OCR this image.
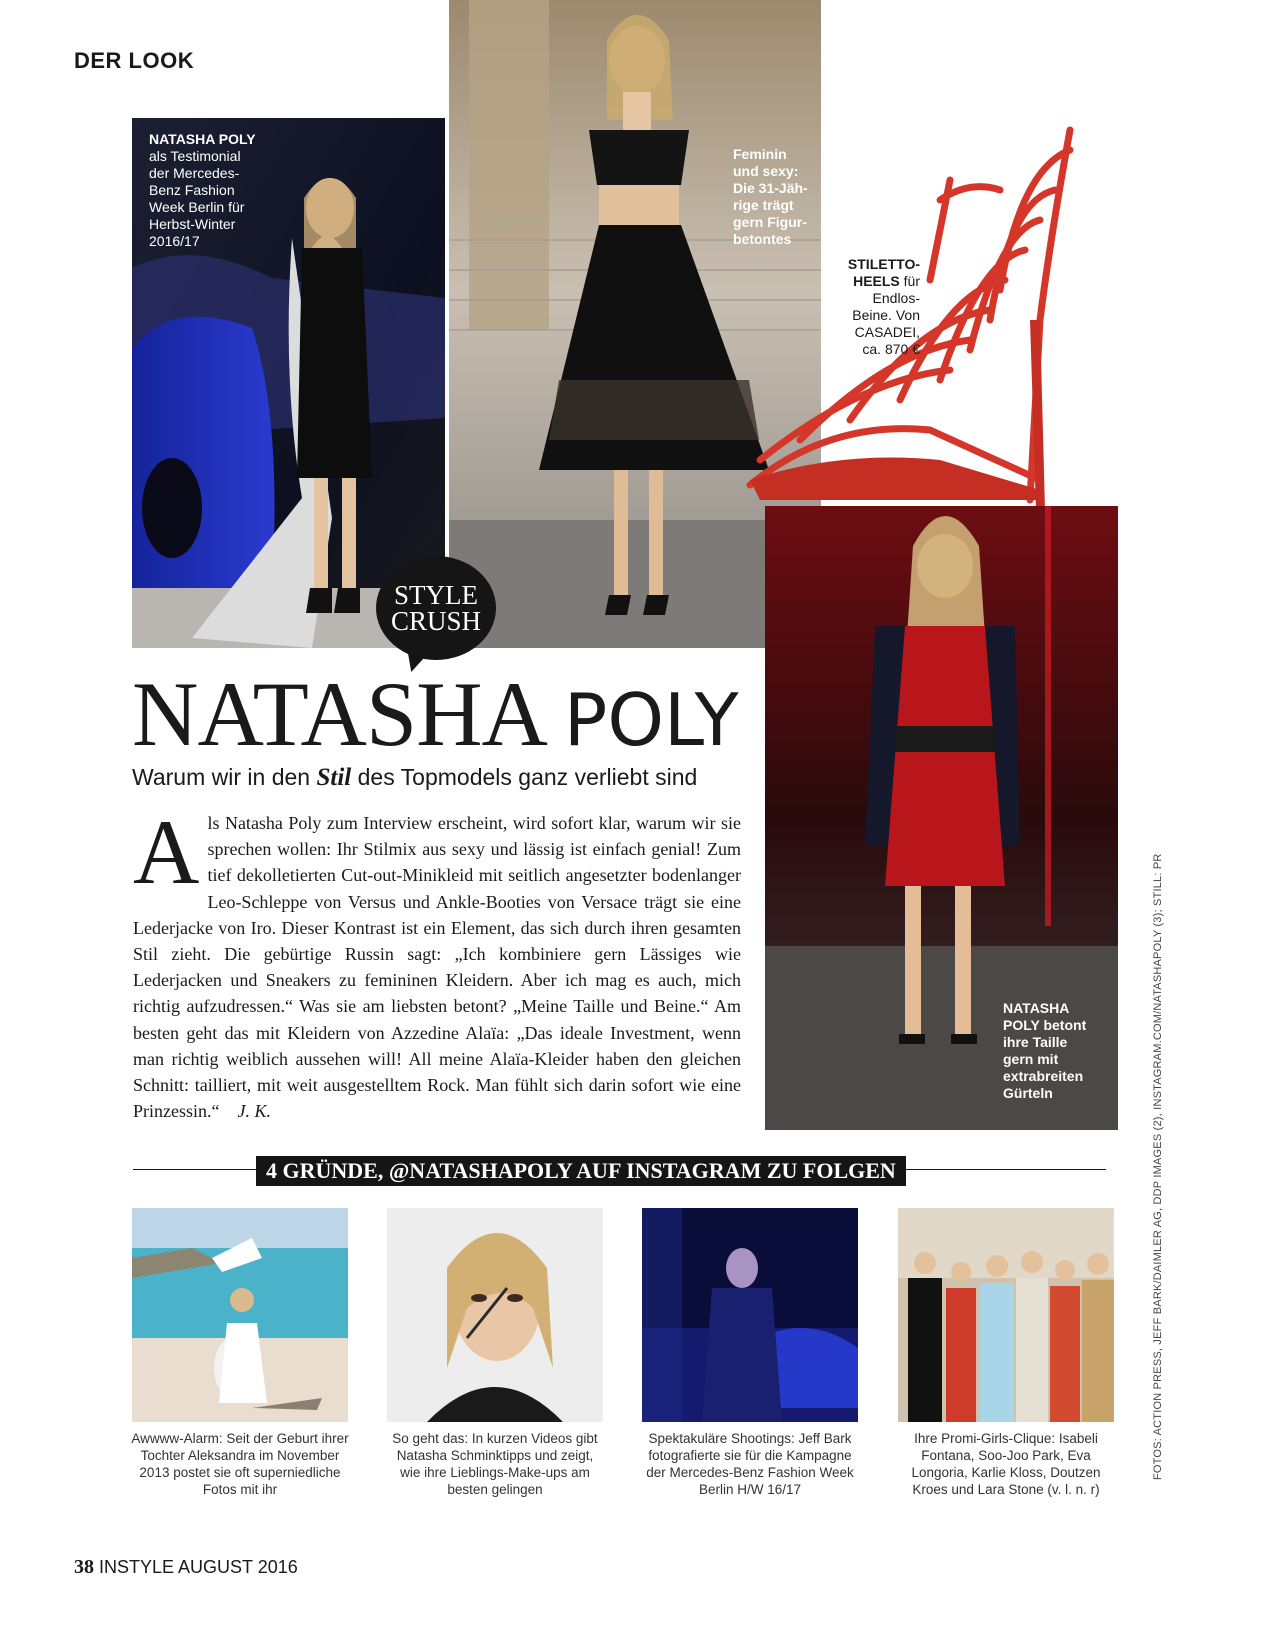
DER LOOK
NATASHA POLY
als Testimonial
der Mercedes-
Benz Fashion
Week Berlin für
Herbst-Winter
2016/17
Feminin
und sexy:
Die 31-Jäh-
rige trägt
gern Figur-
betontes
STILETTO-
HEELS für
Endlos-
Beine. Von
CASADEI,
ca. 870 €
NATASHA
POLY betont
ihre Taille
gern mit
extrabreiten
Gürteln
STYLE
CRUSH
NATASHA POLY
Warum wir in den Stil des Topmodels ganz verliebt sind
A ls Natasha Poly zum Interview erscheint, wird sofort klar, warum wir sie sprechen wollen: Ihr Stilmix aus sexy und lässig ist einfach genial! Zum tief dekolletierten Cut-out-Minikleid mit seitlich angesetzter bodenlanger Leo-Schleppe von Versus und Ankle-Booties von Versace trägt sie eine Lederjacke von Iro. Dieser Kontrast ist ein Element, das sich durch ihren gesamten Stil zieht. Die gebürtige Russin sagt: „Ich kombiniere gern Lässiges wie Lederjacken und Sneakers zu femininen Kleidern. Aber ich mag es auch, mich richtig aufzudressen.“ Was sie am liebsten betont? „Meine Taille und Beine.“ Am besten geht das mit Kleidern von Azzedine Alaïa: „Das ideale Investment, wenn man richtig weiblich aussehen will! All meine Alaïa-Kleider haben den gleichen Schnitt: tailliert, mit weit ausgestelltem Rock. Man fühlt sich darin sofort wie eine Prinzessin.“ J. K.
4 GRÜNDE, @NATASHAPOLY AUF INSTAGRAM ZU FOLGEN
Awwww-Alarm: Seit der Geburt ihrer Tochter Aleksandra im November 2013 postet sie oft superniedliche Fotos mit ihr
So geht das: In kurzen Videos gibt Natasha Schminktipps und zeigt, wie ihre Lieblings-Make-ups am besten gelingen
Spektakuläre Shootings: Jeff Bark fotografierte sie für die Kampagne der Mercedes-Benz Fashion Week Berlin H/W 16/17
Ihre Promi-Girls-Clique: Isabeli Fontana, Soo-Joo Park, Eva Longoria, Karlie Kloss, Doutzen Kroes und Lara Stone (v. l. n. r)
38 INSTYLE AUGUST 2016
FOTOS: ACTION PRESS, JEFF BARK/DAIMLER AG, DDP IMAGES (2), INSTAGRAM.COM/NATASHAPOLY (3); STILL: PR
